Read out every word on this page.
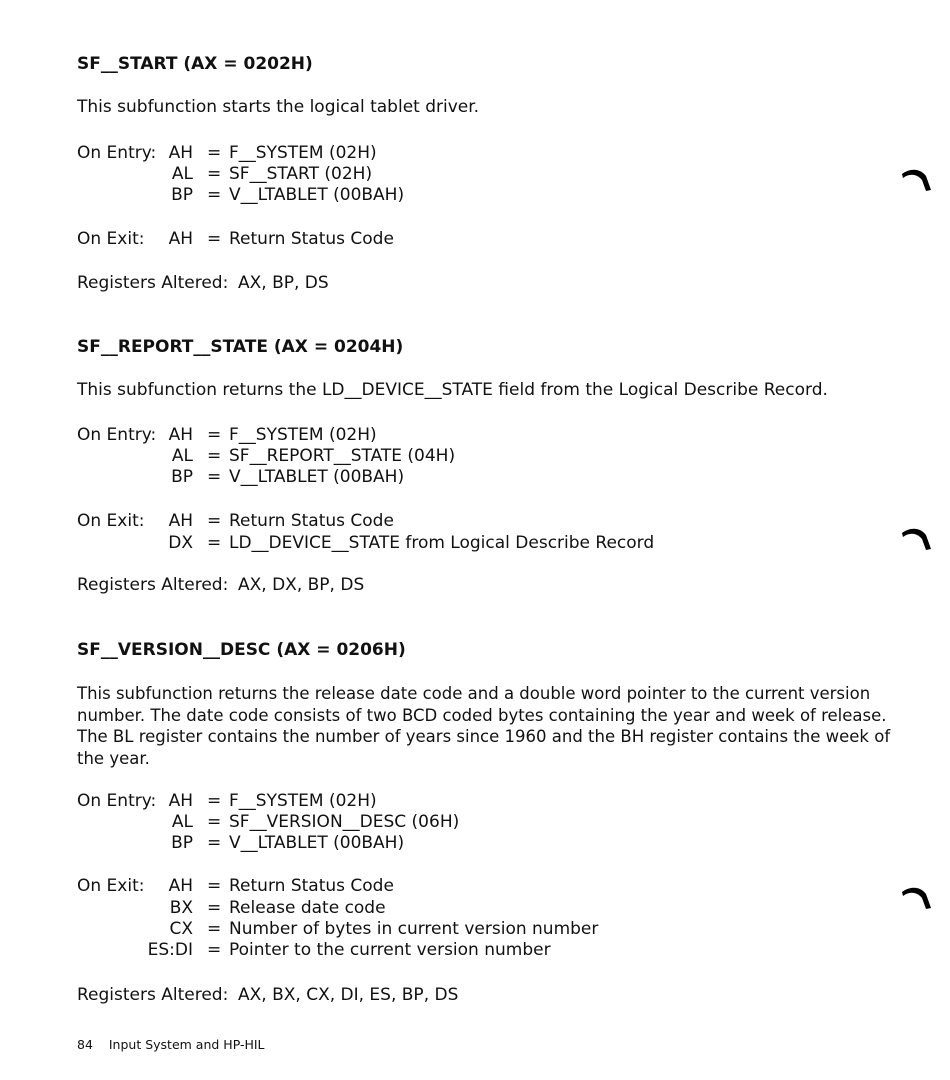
SF__START (AX = 0202H)
This subfunction starts the logical tablet driver.
On Entry: AH = F__SYSTEM (02H)
AL = SF__START (02H)
BP = V__LTABLET (00BAH)
On Exit:	AH = Return Status Code
Registers Altered: AX, BP, DS
SF__REPORT__STATE (AX = 0204H)
This subfunction returns the LD__DEVICE__STATE field from the Logical Describe Record.
On Entry: AH = F__SYSTEM (02H)
AL = SF__REPORT__STATE (04H)
BP = V__LTABLET (00BAH)
On Exit:	AH = Return Status Code
DX = LD__DEVICE__STATE from Logical Describe Record
Registers Altered: AX, DX, BP, DS
SF__VERSION__DESC (AX = 0206H)
This subfunction returns the release date code and a double word pointer to the current version number. The date code consists of two BCD coded bytes containing the year and week of release. The BL register contains the number of years since 1960 and the BH register contains the week of the year.
On Entry: AH = F__SYSTEM (02H)
AL = SF__VERSION__DESC (06H)
BP = V__LTABLET (00BAH)
On Exit:	AH = Return Status Code
BX = Release date code
CX = Number of bytes in current version number
ES:DI = Pointer to the current version number
Registers Altered: AX, BX, CX, DI, ES, BP, DS
84 Input System and HP-HIL
